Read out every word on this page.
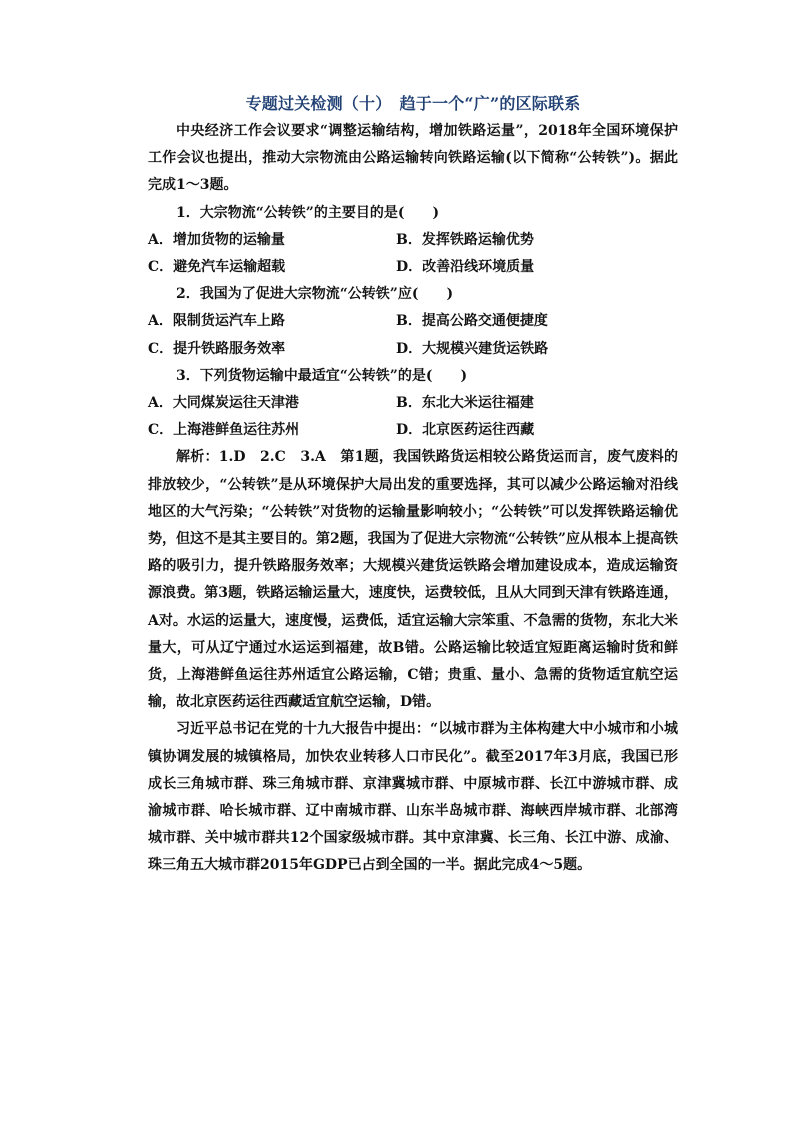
专题过关检测（十）　趋于一个“广”的区际联系

中央经济工作会议要求“调整运输结构，增加铁路运量”，2018年全国环境保护工作会议也提出，推动大宗物流由公路运输转向铁路运输(以下简称“公转铁”)。据此完成1～3题。

1．大宗物流“公转铁”的主要目的是(　　)
A．增加货物的运输量	B．发挥铁路运输优势
C．避免汽车运输超载	D．改善沿线环境质量
2．我国为了促进大宗物流“公转铁”应(　　)
A．限制货运汽车上路	B．提高公路交通便捷度
C．提升铁路服务效率	D．大规模兴建货运铁路
3．下列货物运输中最适宜“公转铁”的是(　　)
A．大同煤炭运往天津港	B．东北大米运往福建
C．上海港鲜鱼运往苏州	D．北京医药运往西藏

解析：1.D　2.C　3.A　第1题，我国铁路货运相较公路货运而言，废气废料的排放较少，“公转铁”是从环境保护大局出发的重要选择，其可以减少公路运输对沿线地区的大气污染；“公转铁”对货物的运输量影响较小；“公转铁”可以发挥铁路运输优势，但这不是其主要目的。第2题，我国为了促进大宗物流“公转铁”应从根本上提高铁路的吸引力，提升铁路服务效率；大规模兴建货运铁路会增加建设成本，造成运输资源浪费。第3题，铁路运输运量大，速度快，运费较低，且从大同到天津有铁路连通，A对。水运的运量大，速度慢，运费低，适宜运输大宗笨重、不急需的货物，东北大米量大，可从辽宁通过水运运到福建，故B错。公路运输比较适宜短距离运输时货和鲜货，上海港鲜鱼运往苏州适宜公路运输，C错；贵重、量小、急需的货物适宜航空运输，故北京医药运往西藏适宜航空运输，D错。

习近平总书记在党的十九大报告中提出：“以城市群为主体构建大中小城市和小城镇协调发展的城镇格局，加快农业转移人口市民化”。截至2017年3月底，我国已形成长三角城市群、珠三角城市群、京津冀城市群、中原城市群、长江中游城市群、成渝城市群、哈长城市群、辽中南城市群、山东半岛城市群、海峡西岸城市群、北部湾城市群、关中城市群共12个国家级城市群。其中京津冀、长三角、长江中游、成渝、珠三角五大城市群2015年GDP已占到全国的一半。据此完成4～5题。
